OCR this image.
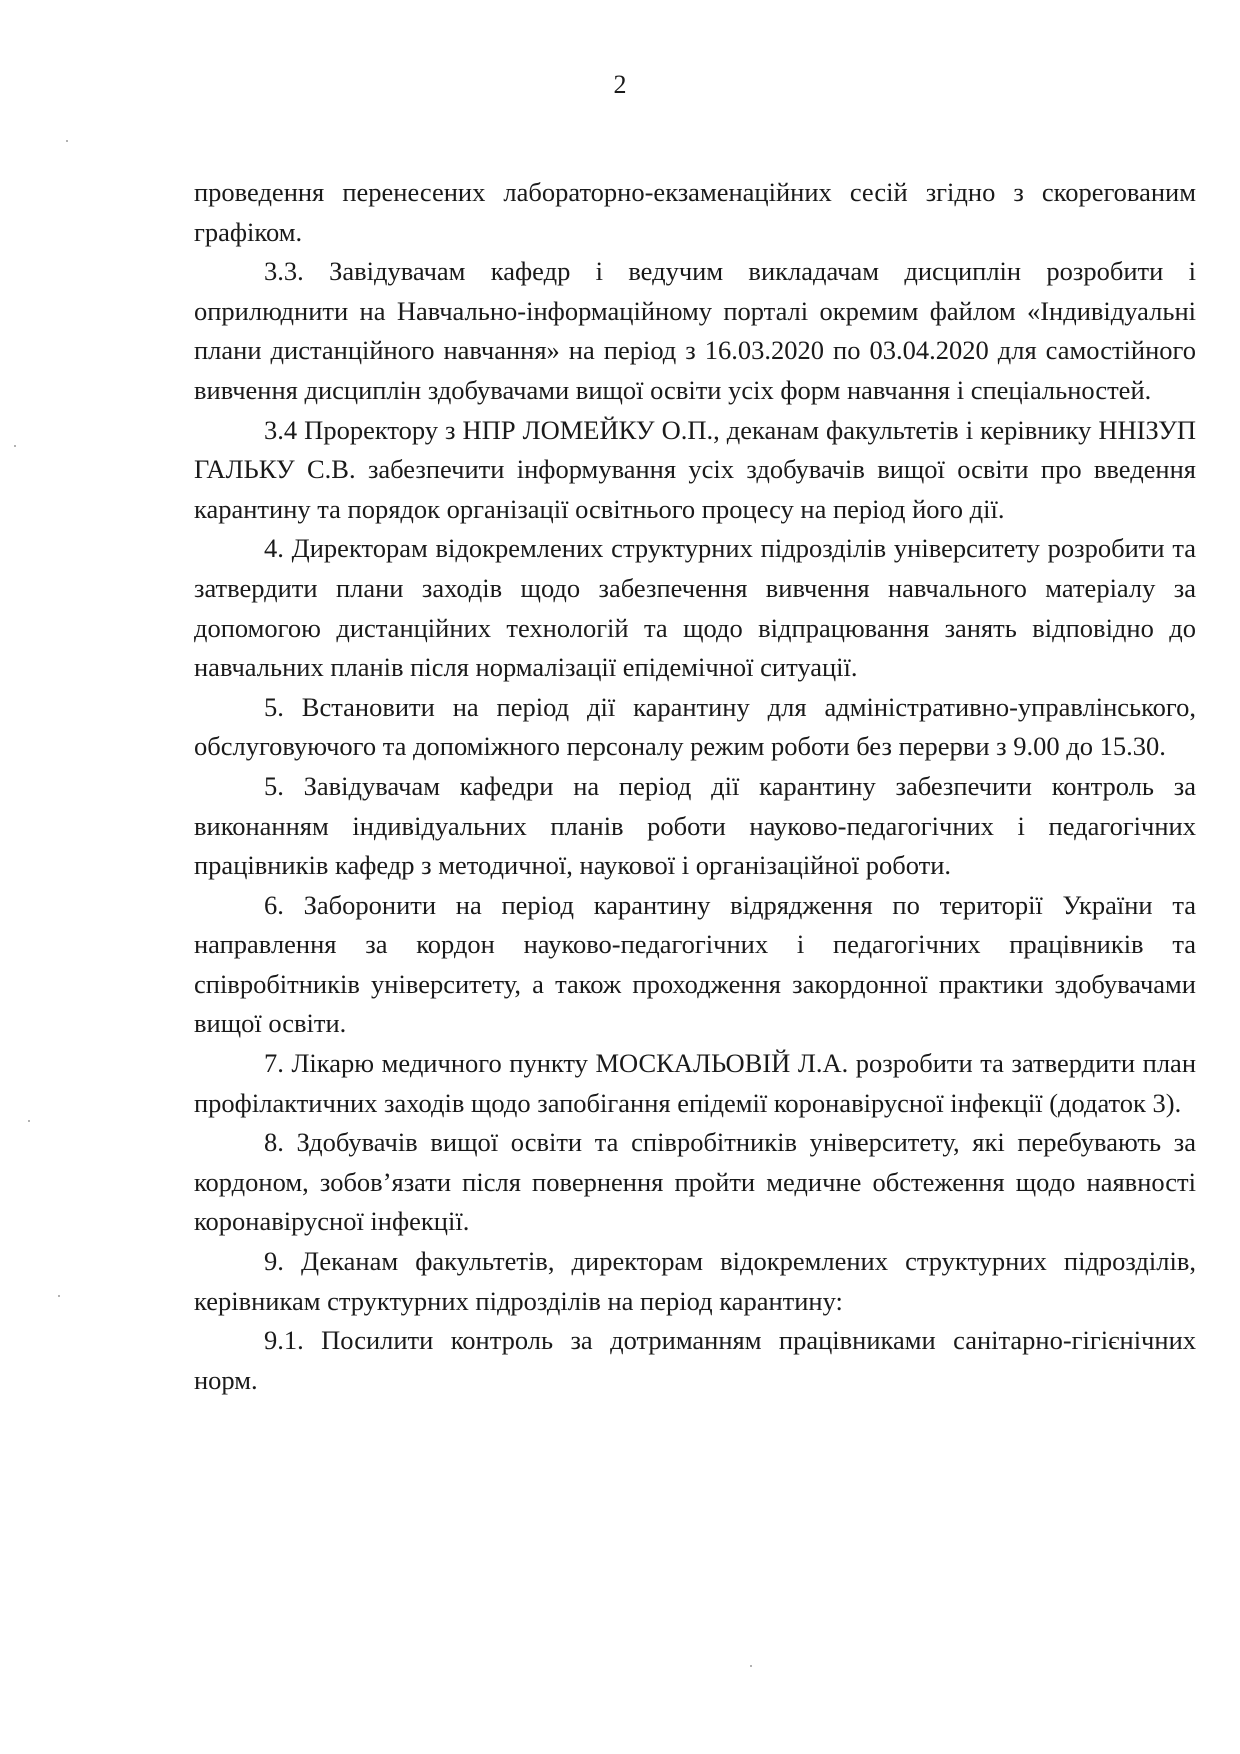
2

проведення перенесених лабораторно-екзаменаційних сесій згідно з скорегованим графіком.

3.3. Завідувачам кафедр і ведучим викладачам дисциплін розробити і оприлюднити на Навчально-інформаційному порталі окремим файлом «Індивідуальні плани дистанційного навчання» на період з 16.03.2020 по 03.04.2020 для самостійного вивчення дисциплін здобувачами вищої освіти усіх форм навчання і спеціальностей.

3.4 Проректору з НПР ЛОМЕЙКУ О.П., деканам факультетів і керівнику ННІЗУП ГАЛЬКУ С.В. забезпечити інформування усіх здобувачів вищої освіти про введення карантину та порядок організації освітнього процесу на період його дії.

4. Директорам відокремлених структурних підрозділів університету розробити та затвердити плани заходів щодо забезпечення вивчення навчального матеріалу за допомогою дистанційних технологій та щодо відпрацювання занять відповідно до навчальних планів після нормалізації епідемічної ситуації.

5. Встановити на період дії карантину для адміністративно-управлінського, обслуговуючого та допоміжного персоналу режим роботи без перерви з 9.00 до 15.30.

5. Завідувачам кафедри на період дії карантину забезпечити контроль за виконанням індивідуальних планів роботи науково-педагогічних і педагогічних працівників кафедр з методичної, наукової і організаційної роботи.

6. Заборонити на період карантину відрядження по території України та направлення за кордон науково-педагогічних і педагогічних працівників та співробітників університету, а також проходження закордонної практики здобувачами вищої освіти.

7. Лікарю медичного пункту МОСКАЛЬОВІЙ Л.А. розробити та затвердити план профілактичних заходів щодо запобігання епідемії коронавірусної інфекції (додаток 3).

8. Здобувачів вищої освіти та співробітників університету, які перебувають за кордоном, зобов’язати після повернення пройти медичне обстеження щодо наявності коронавірусної інфекції.

9. Деканам факультетів, директорам відокремлених структурних підрозділів, керівникам структурних підрозділів на період карантину:

9.1. Посилити контроль за дотриманням працівниками санітарно-гігієнічних норм.
